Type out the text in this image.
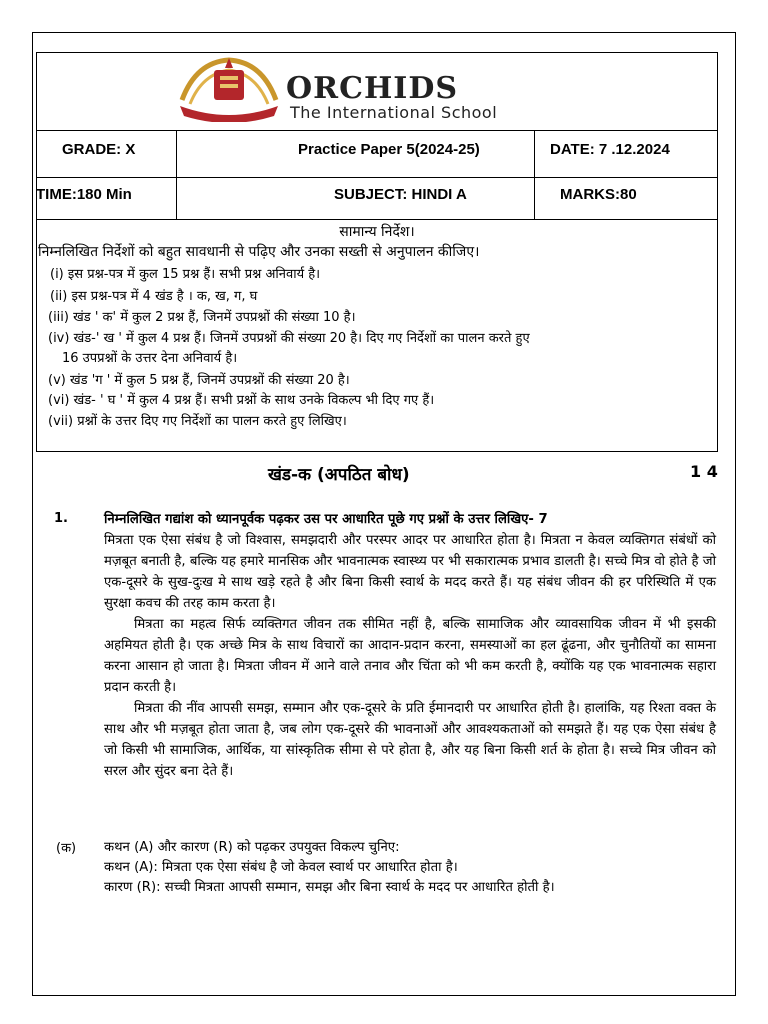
ORCHIDS
The International School
GRADE: X	Practice Paper 5(2024-25)	DATE: 7 .12.2024
TIME:180 Min	SUBJECT: HINDI A	MARKS:80
सामान्य निर्देश।
निम्नलिखित निर्देशों को बहुत सावधानी से पढ़िए और उनका सख्ती से अनुपालन कीजिए।
(i) इस प्रश्न-पत्र में कुल 15 प्रश्न हैं। सभी प्रश्न अनिवार्य है।
(ii) इस प्रश्न-पत्र में 4 खंड है । क, ख, ग, घ
(iii) खंड ' क' में कुल 2 प्रश्न हैं, जिनमें उपप्रश्नों की संख्या 10 है।
(iv) खंड-' ख ' में कुल 4 प्रश्न हैं। जिनमें उपप्रश्नों की संख्या 20 है। दिए गए निर्देशों का पालन करते हुए
16 उपप्रश्नों के उत्तर देना अनिवार्य है।
(v) खंड 'ग ' में कुल 5 प्रश्न हैं, जिनमें उपप्रश्नों की संख्या 20 है।
(vi) खंड- ' घ ' में कुल 4 प्रश्न हैं। सभी प्रश्नों के साथ उनके विकल्प भी दिए गए हैं।
(vii) प्रश्नों के उत्तर दिए गए निर्देशों का पालन करते हुए लिखिए।
खंड-क (अपठित बोध)	1 4
1.	निम्नलिखित गद्यांश को ध्यानपूर्वक पढ़कर उस पर आधारित पूछे गए प्रश्नों के उत्तर लिखिए- 7

मित्रता एक ऐसा संबंध है जो विश्वास, समझदारी और परस्पर आदर पर आधारित होता है। मित्रता न केवल व्यक्तिगत संबंधों को मज़बूत बनाती है, बल्कि यह हमारे मानसिक और भावनात्मक स्वास्थ्य पर भी सकारात्मक प्रभाव डालती है। सच्चे मित्र वो होते है जो एक-दूसरे के सुख-दुःख मे साथ खड़े रहते है और बिना किसी स्वार्थ के मदद करते हैं। यह संबंध जीवन की हर परिस्थिति में एक सुरक्षा कवच की तरह काम करता है।

मित्रता का महत्व सिर्फ व्यक्तिगत जीवन तक सीमित नहीं है, बल्कि सामाजिक और व्यावसायिक जीवन में भी इसकी अहमियत होती है। एक अच्छे मित्र के साथ विचारों का आदान-प्रदान करना, समस्याओं का हल ढूंढना, और चुनौतियों का सामना करना आसान हो जाता है। मित्रता जीवन में आने वाले तनाव और चिंता को भी कम करती है, क्योंकि यह एक भावनात्मक सहारा प्रदान करती है।

मित्रता की नींव आपसी समझ, सम्मान और एक-दूसरे के प्रति ईमानदारी पर आधारित होती है। हालांकि, यह रिश्ता वक्त के साथ और भी मज़बूत होता जाता है, जब लोग एक-दूसरे की भावनाओं और आवश्यकताओं को समझते हैं। यह एक ऐसा संबंध है जो किसी भी सामाजिक, आर्थिक, या सांस्कृतिक सीमा से परे होता है, और यह बिना किसी शर्त के होता है। सच्चे मित्र जीवन को सरल और सुंदर बना देते हैं।

(क) कथन (A) और कारण (R) को पढ़कर उपयुक्त विकल्प चुनिए:
कथन (A): मित्रता एक ऐसा संबंध है जो केवल स्वार्थ पर आधारित होता है।
कारण (R): सच्ची मित्रता आपसी सम्मान, समझ और बिना स्वार्थ के मदद पर आधारित होती है।
